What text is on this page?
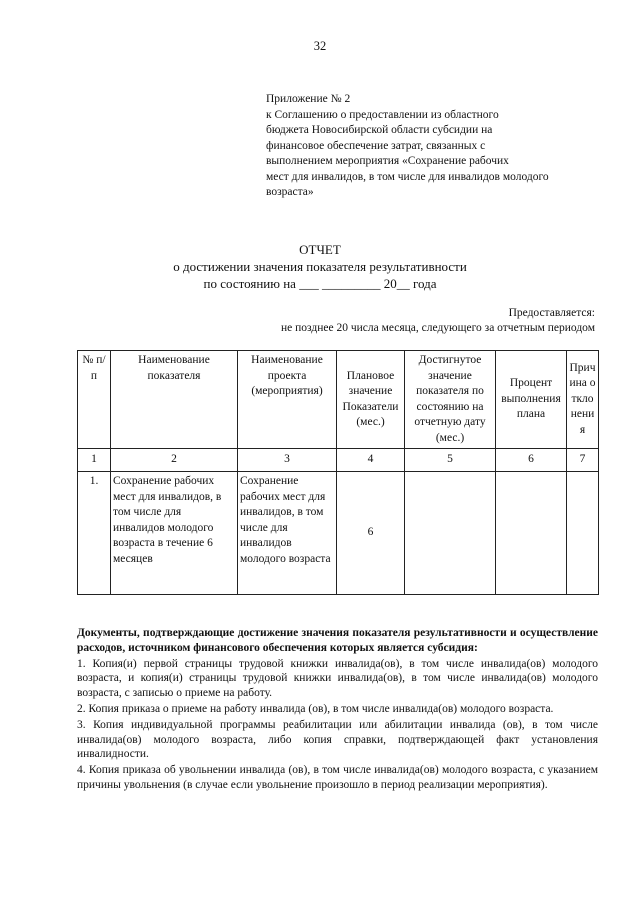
32
Приложение № 2
к Соглашению о предоставлении из областного
бюджета Новосибирской области субсидии на
финансовое обеспечение затрат, связанных с
выполнением мероприятия «Сохранение рабочих
мест для инвалидов, в том числе для инвалидов молодого
возраста»
ОТЧЕТ
о достижении значения показателя результативности
по состоянию на ___ _________ 20__ года
Предоставляется:
не позднее 20 числа месяца, следующего за отчетным периодом
№ п/п	Наименование показателя	Наименование проекта (мероприятия)	Плановое значение Показатели (мес.)	Достигнутое значение показателя по состоянию на отчетную дату (мес.)	Процент выполнения плана	Причина отклонения
1	2	3	4	5	6	7
1.	Сохранение рабочих мест для инвалидов, в том числе для инвалидов молодого возраста в течение 6 месяцев	Сохранение рабочих мест для инвалидов, в том числе для инвалидов молодого возраста	6			

Документы, подтверждающие достижение значения показателя результативности и осуществление расходов, источником финансового обеспечения которых является субсидия:

1. Копия(и) первой страницы трудовой книжки инвалида(ов), в том числе инвалида(ов) молодого возраста, и копия(и) страницы трудовой книжки инвалида(ов), в том числе инвалида(ов) молодого возраста, с записью о приеме на работу.

2. Копия приказа о приеме на работу инвалида (ов), в том числе инвалида(ов) молодого возраста.

3. Копия индивидуальной программы реабилитации или абилитации инвалида (ов), в том числе инвалида(ов) молодого возраста, либо копия справки, подтверждающей факт установления инвалидности.

4. Копия приказа об увольнении инвалида (ов), в том числе инвалида(ов) молодого возраста, с указанием причины увольнения (в случае если увольнение произошло в период реализации мероприятия).
